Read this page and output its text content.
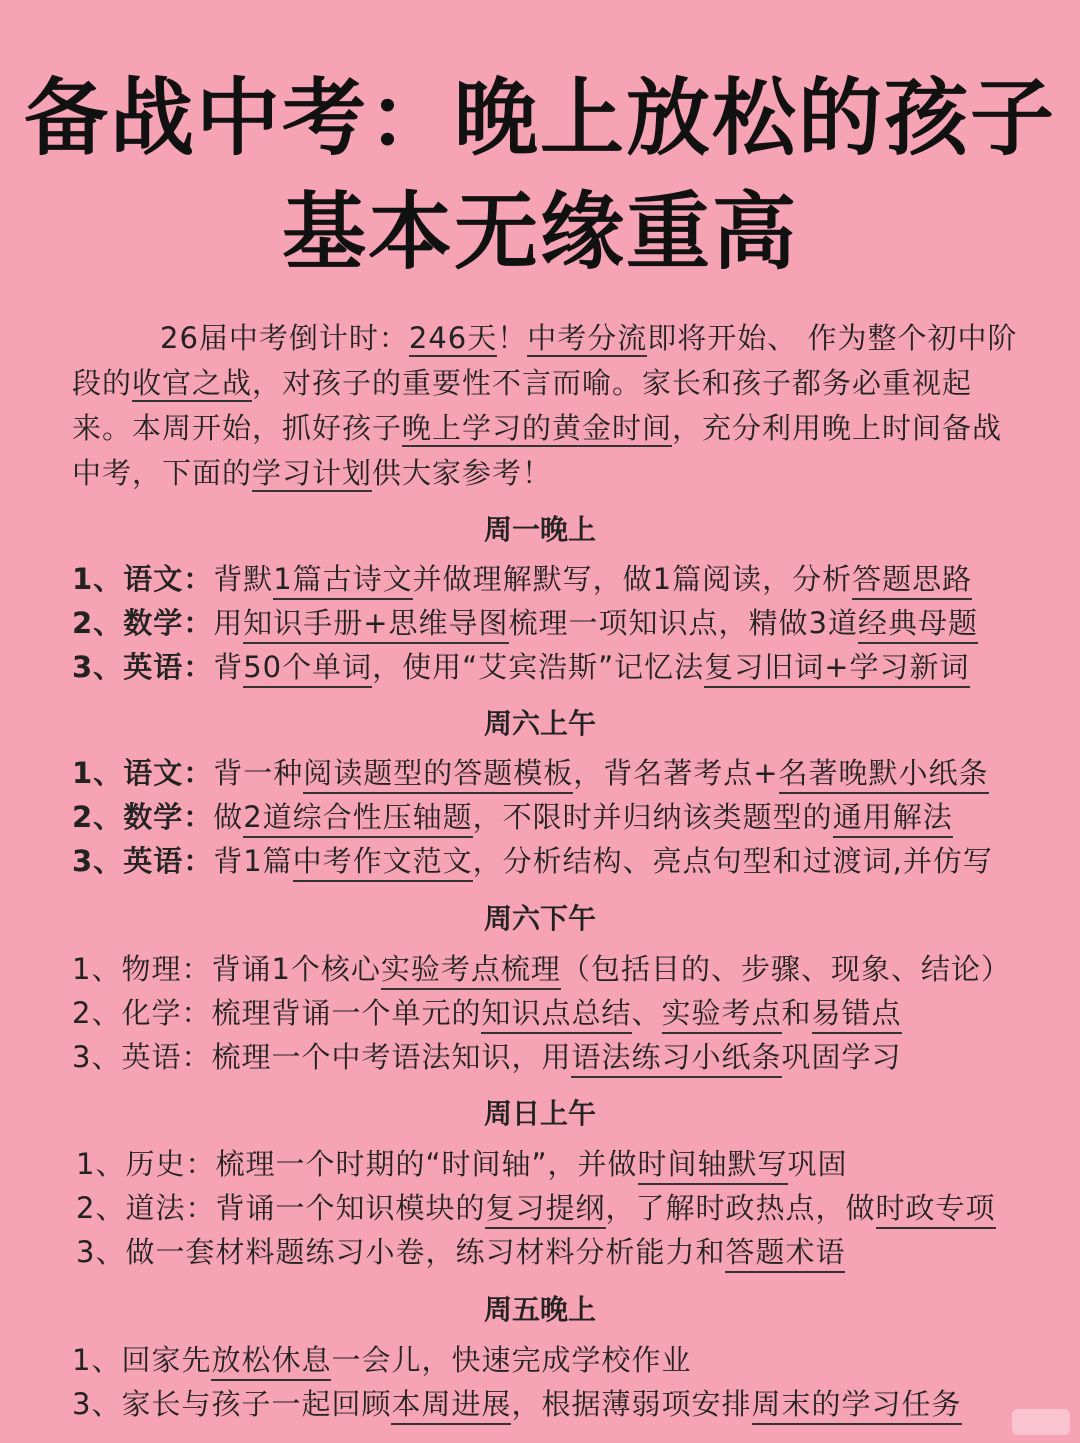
备战中考：晚上放松的孩子
基本无缘重高
26届中考倒计时：246天！中考分流即将开始、 作为整个初中阶段的收官之战，对孩子的重要性不言而喻。家长和孩子都务必重视起来。本周开始，抓好孩子晚上学习的黄金时间，充分利用晚上时间备战中考，下面的学习计划供大家参考！
周一晚上
1、语文：背默1篇古诗文并做理解默写，做1篇阅读，分析答题思路
2、数学：用知识手册+思维导图梳理一项知识点，精做3道经典母题
3、英语：背50个单词，使用“艾宾浩斯”记忆法复习旧词+学习新词
周六上午
1、语文：背一种阅读题型的答题模板，背名著考点+名著晚默小纸条
2、数学：做2道综合性压轴题，不限时并归纳该类题型的通用解法
3、英语：背1篇中考作文范文，分析结构、亮点句型和过渡词,并仿写
周六下午
1、物理：背诵1个核心实验考点梳理（包括目的、步骤、现象、结论）
2、化学：梳理背诵一个单元的知识点总结、实验考点和易错点
3、英语：梳理一个中考语法知识，用语法练习小纸条巩固学习
周日上午
1、历史：梳理一个时期的“时间轴”，并做时间轴默写巩固
2、道法：背诵一个知识模块的复习提纲，了解时政热点，做时政专项
3、做一套材料题练习小卷，练习材料分析能力和答题术语
周五晚上
1、回家先放松休息一会儿，快速完成学校作业
3、家长与孩子一起回顾本周进展，根据薄弱项安排周末的学习任务
